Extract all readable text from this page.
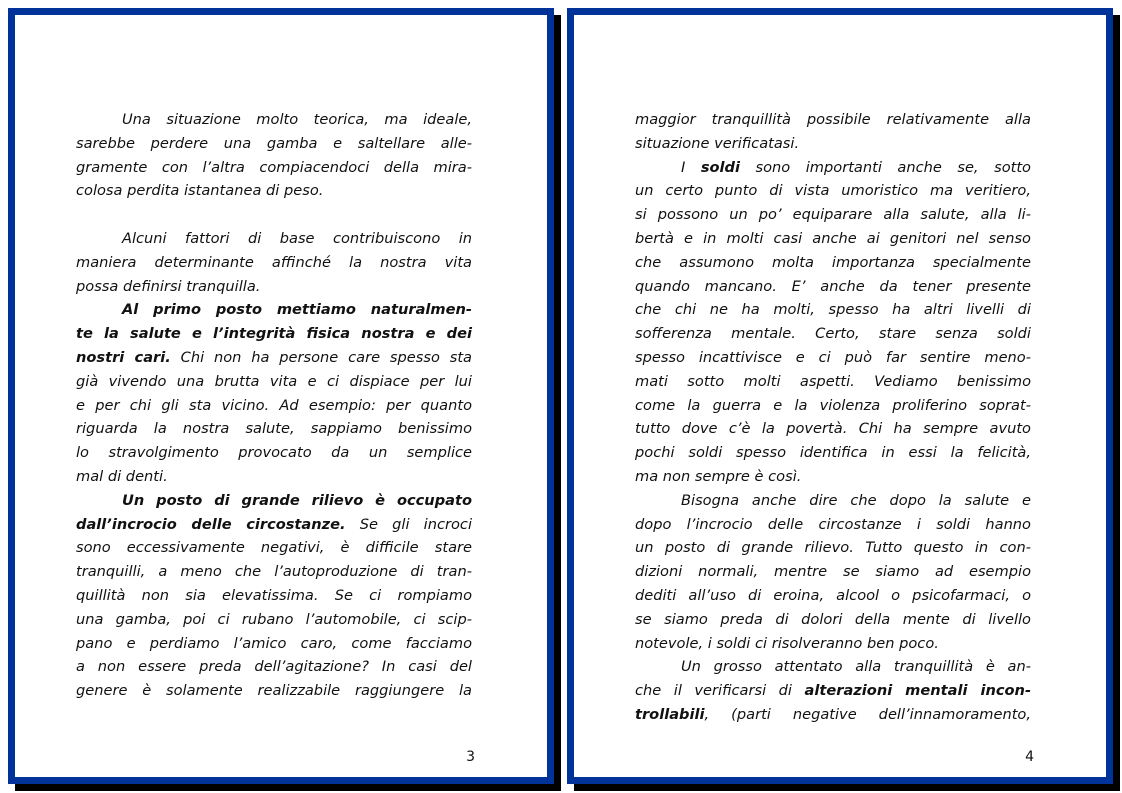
Una situazione molto teorica, ma ideale,
sarebbe perdere una gamba e saltellare alle-
gramente con l’altra compiacendoci della mira-
colosa perdita istantanea di peso.
Alcuni fattori di base contribuiscono in
maniera determinante affinché la nostra vita
possa definirsi tranquilla.
Al primo posto mettiamo naturalmen-
te la salute e l’integrità fisica nostra e dei
nostri cari. Chi non ha persone care spesso sta
già vivendo una brutta vita e ci dispiace per lui
e per chi gli sta vicino. Ad esempio: per quanto
riguarda la nostra salute, sappiamo benissimo
lo stravolgimento provocato da un semplice
mal di denti.
Un posto di grande rilievo è occupato
dall’incrocio delle circostanze. Se gli incroci
sono eccessivamente negativi, è difficile stare
tranquilli, a meno che l’autoproduzione di tran-
quillità non sia elevatissima. Se ci rompiamo
una gamba, poi ci rubano l’automobile, ci scip-
pano e perdiamo l’amico caro, come facciamo
a non essere preda dell’agitazione? In casi del
genere è solamente realizzabile raggiungere la
3
maggior tranquillità possibile relativamente alla
situazione verificatasi.
I soldi sono importanti anche se, sotto
un certo punto di vista umoristico ma veritiero,
si possono un po’ equiparare alla salute, alla li-
bertà e in molti casi anche ai genitori nel senso
che assumono molta importanza specialmente
quando mancano. E’ anche da tener presente
che chi ne ha molti, spesso ha altri livelli di
sofferenza mentale. Certo, stare senza soldi
spesso incattivisce e ci può far sentire meno-
mati sotto molti aspetti. Vediamo benissimo
come la guerra e la violenza proliferino soprat-
tutto dove c’è la povertà. Chi ha sempre avuto
pochi soldi spesso identifica in essi la felicità,
ma non sempre è così.
Bisogna anche dire che dopo la salute e
dopo l’incrocio delle circostanze i soldi hanno
un posto di grande rilievo. Tutto questo in con-
dizioni normali, mentre se siamo ad esempio
dediti all’uso di eroina, alcool o psicofarmaci, o
se siamo preda di dolori della mente di livello
notevole, i soldi ci risolveranno ben poco.
Un grosso attentato alla tranquillità è an-
che il verificarsi di alterazioni mentali incon-
trollabili, (parti negative dell’innamoramento,
4
